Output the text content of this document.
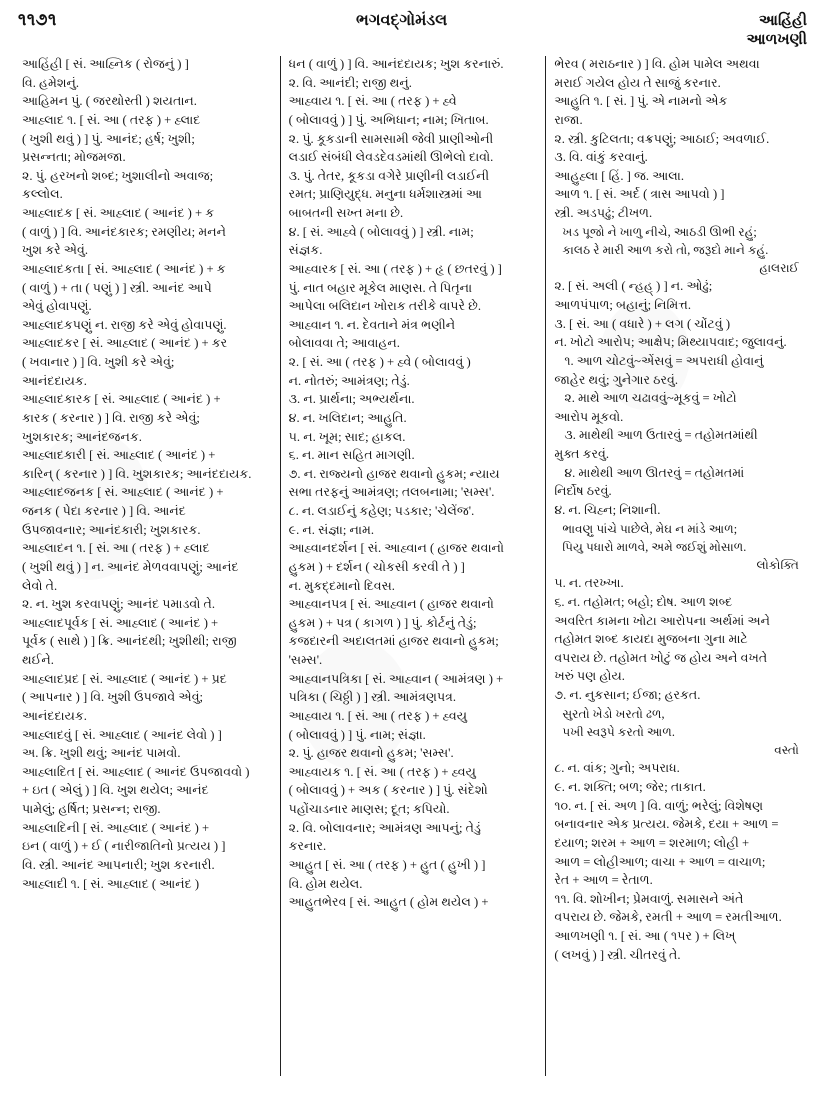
૧૧૭૧	ભગવદ્ગોમંડલ	આહિંહી
આળખણી
આહિંહી [ સં. આહ્નિક ( રોજનું ) ]
વિ. હમેશનું.
આહિમન પું. ( જરથોસ્તી ) શયતાન.
આહ્લાદ ૧. [ સં. આ ( તરફ ) + હ્લાદ
( ખુશી થવું ) ] પું. આનંદ; હર્ષ; ખુશી;
પ્રસન્નતા; મોજમજા.
૨. પું. હરખનો શબ્દ; ખુશાલીનો અવાજ;
કલ્લોલ.
આહ્લાદક [ સં. આહ્લાદ ( આનંદ ) + ક
( વાળું ) ] વિ. આનંદકારક; રમણીય; મનને
ખુશ કરે એવું.
આહ્લાદકતા [ સં. આહ્લાદ ( આનંદ ) + ક
( વાળું ) + તા ( પણું ) ] સ્ત્રી. આનંદ આપે
એવું હોવાપણું.
આહ્લાદકપણું ન. રાજી કરે એવું હોવાપણું.
આહ્લાદકર [ સં. આહ્લાદ ( આનંદ ) + કર
( ખવાનાર ) ] વિ. ખુશી કરે એવું;
આનંદદાયક.
આહ્લાદકારક [ સં. આહ્લાદ ( આનંદ ) +
કારક ( કરનાર ) ] વિ. રાજી કરે એવું;
ખુશકારક; આનંદજનક.
આહ્લાદકારી [ સં. આહ્લાદ ( આનંદ ) +
કારિન્ ( કરનાર ) ] વિ. ખુશકારક; આનંદદાયક.
આહ્લાદજનક [ સં. આહ્લાદ ( આનંદ ) +
જનક ( પેદા કરનાર ) ] વિ. આનંદ
ઉપજાવનાર; આનંદકારી; ખુશકારક.
આહ્લાદન ૧. [ સં. આ ( તરફ ) + હ્લાદ
( ખુશી થવું ) ] ન. આનંદ મેળવવાપણું; આનંદ
લેવો તે.
૨. ન. ખુશ કરવાપણું; આનંદ પમાડવો તે.
આહ્લાદપૂર્વક [ સં. આહ્લાદ ( આનંદ ) +
પૂર્વક ( સાથે ) ] ક્રિ. આનંદથી; ખુશીથી; રાજી
થઈને.
આહ્લાદપ્રદ [ સં. આહ્લાદ ( આનંદ ) + પ્રદ
( આપનાર ) ] વિ. ખુશી ઉપજાવે એવું;
આનંદદાયક.
આહ્લાદવું [ સં. આહ્લાદ ( આનંદ લેવો ) ]
અ. ક્રિ. ખુશી થવું; આનંદ પામવો.
આહ્લાદિત [ સં. આહ્લાદ ( આનંદ ઉપજાવવો )
+ ઇત ( એલું ) ] વિ. ખુશ થયેલ; આનંદ
પામેલું; હર્ષિત; પ્રસન્ન; રાજી.
આહ્લાદિની [ સં. આહ્લાદ ( આનંદ ) +
ઇન ( વાળું ) + ઈ ( નારીજાતિનો પ્રત્યય ) ]
વિ. સ્ત્રી. આનંદ આપનારી; ખુશ કરનારી.
આહ્લાદી ૧. [ સં. આહ્લાદ ( આનંદ )
ધન ( વાળું ) ] વિ. આનંદદાયક; ખુશ કરનારું.
૨. વિ. આનંદી; રાજી થનું.
આહ્વાય ૧. [ સં. આ ( તરફ ) + હ્વે
( બોલાવવું ) ] પું. અભિધાન; નામ; ખિતાબ.
૨. પું. કૂકડાની સામસામી જેવી પ્રાણીઓની
લડાઈ સંબંધી લેવડદેવડમાંથી ઊભેલો દાવો.
૩. પું. તેતર, કૂકડા વગેરે પ્રાણીની લડાઈની
રમત; પ્રાણિયુદ્ધ. મનુના ધર્મશાસ્ત્રમાં આ
બાબતની સખ્ત મના છે.
૪. [ સં. આહ્વે ( બોલાવવું ) ] સ્ત્રી. નામ;
સંજ્ઞક.
આહ્વારક [ સં. આ ( તરફ ) + હૃ ( છતરવું ) ]
પું. નાત બહાર મૂકેલ માણસ. તે પિતૃના
આપેલા બલિદાન ખોરાક તરીકે વાપરે છે.
આહ્વાન ૧. ન. દેવતાને મંત્ર ભણીને
બોલાવવા તે; આવાહન.
૨. [ સં. આ ( તરફ ) + હ્વે ( બોલાવવું )
ન. નોતરું; આમંત્રણ; તેડું.
૩. ન. પ્રાર્થના; અભ્યર્થના.
૪. ન. ખલિદાન; આહુતિ.
૫. ન. ખૂમ; સાદ; હાકલ.
૬. ન. માન સહિત માગણી.
૭. ન. રાજ્યનો હાજર થવાનો હુકમ; ન્યાય
સભા તરફનું આમંત્રણ; તલબનામા; 'સમ્સ'.
૮. ન. લડાઈનું કહેણ; પડકાર; 'ચેલેંજ'.
૯. ન. સંજ્ઞા; નામ.
આહ્વાનદર્શન [ સં. આહ્વાન ( હાજર થવાનો
હુકમ ) + દર્શન ( ચોકસી કરવી તે ) ]
ન. મુકદ્દમાનો દિવસ.
આહ્વાનપત્ર [ સં. આહ્વાન ( હાજર થવાનો
હુકમ ) + પત્ર ( કાગળ ) ] પું. કોર્ટનું તેડું;
કજદારની અદાલતમાં હાજર થવાનો હુકમ;
'સમ્સ'.
આહ્વાનપત્રિકા [ સં. આહ્વાન ( આમંત્રણ ) +
પત્રિકા ( ચિઠ્ઠી ) ] સ્ત્રી. આમંત્રણપત્ર.
આહ્વાય ૧. [ સં. આ ( તરફ ) + હ્વયુ
( બોલાવવું ) ] પું. નામ; સંજ્ઞા.
૨. પું. હાજર થવાનો હુકમ; 'સમ્સ'.
આહ્વાયક ૧. [ સં. આ ( તરફ ) + હ્વયુ
( બોલાવવું ) + અક ( કરનાર ) ] પું. સંદેશો
પહોંચાડનાર માણસ; દૂત; કપિયો.
૨. વિ. બોલાવનાર; આમંત્રણ આપનું; તેડું
કરનાર.
આહુત [ સં. આ ( તરફ ) + હુત ( હુખી ) ]
વિ. હોમ થયેલ.
આહુતભેરવ [ સં. આહુત ( હોમ થયેલ ) +
ભેરવ ( મરાઠનાર ) ] વિ. હોમ પામેલ અથવા
મરાઈ ગયેલ હોય તે સાજું કરનાર.
આહુતિ ૧. [ સં. ] પું. એ નામનો એક
રાજા.
૨. સ્ત્રી. કુટિલતા; વક્રપણું; આઠાઈ; અવળાઈ.
૩. વિ. વાંકું કરવાનું.
આહુહ્લા [ હિં. ] જ. આલા.
આળ ૧. [ સં. અર્દ ( ત્રાસ આપવો ) ]
સ્ત્રી. અડપઢું; ટીખળ.
ખડ પૂજો ને ખાળુ નીચે, આઠડી ઊભી રહું;
કાલઠ રે મારી આળ કરો તો, જરૂદો માને કહું.
હાલરાઈ
૨. [ સં. અલી ( ન્હહ્ ) ] ન. ઓઢું;
આળપંપાળ; બહાનું; નિમિત્ત.
૩. [ સં. આ ( વધારે ) + લગ ( ચોંટવું )
ન. ખોટો આરોપ; આક્ષેપ; મિથ્યાપવાદ; જુલાવનું.
૧. આળ ચોટવું~એંસવું = અપરાધી હોવાનું
જાહેર થવું; ગુનેગાર ઠરવું.
૨. માથે આળ ચઢાવવું~મૂકવું = ખોટો
આરોપ મૂકવો.
૩. માથેથી આળ ઉતારવું = તહોમતમાંથી
મુક્ત કરવું.
૪. માથેથી આળ ઊતરવું = તહોમતમાં
નિર્દોષ ઠરવું.
૪. ન. ચિહ્ન; નિશાની.
ભાવણુ પાંચે પાછેલે, મેઘ ન માંડે આળ;
પિયુ પધારો માળવે, અમે જઈશું મોસાળ.
લોકોક્તિ
૫. ન. તરખ્ખા.
૬. ન. તહોમત; બહો; દોષ. આળ શબ્દ
અવરિત કામના ખોટા આરોપના અર્થમાં અને
તહોમત શબ્દ કાયદા મુજબના ગુના માટે
વપરાય છે. તહોમત ખોટું જ હોય અને વખતે
ખરું પણ હોય.
૭. ન. નુકસાન; ઈજા; હરકત.
સુરતો ખેડો ખરતો ઢળ,
પખી સ્વરૂપે કરતો આળ.
વસ્તો
૮. ન. વાંક; ગુનો; અપરાધ.
૯. ન. શક્તિ; બળ; જેર; તાકાત.
૧૦. ન. [ સં. અળ ] વિ. વાળું; ભરેલું; વિશેષણ
બનાવનાર એક પ્રત્યય. જેમકે, દયા + આળ =
દયાળ; શરમ + આળ = શરમાળ; લોહી +
આળ = લોહીઆળ; વાચા + આળ = વાચાળ;
રેત + આળ = રેતાળ.
૧૧. વિ. શોખીન; પ્રેમવાળું. સમાસને અંતે
વપરાય છે. જેમકે, રમતી + આળ = રમતીઆળ.
આળખણી ૧. [ સં. આ ( ૧૫ર ) + લિખ્
( લખવું ) ] સ્ત્રી. ચીતરવું તે.
